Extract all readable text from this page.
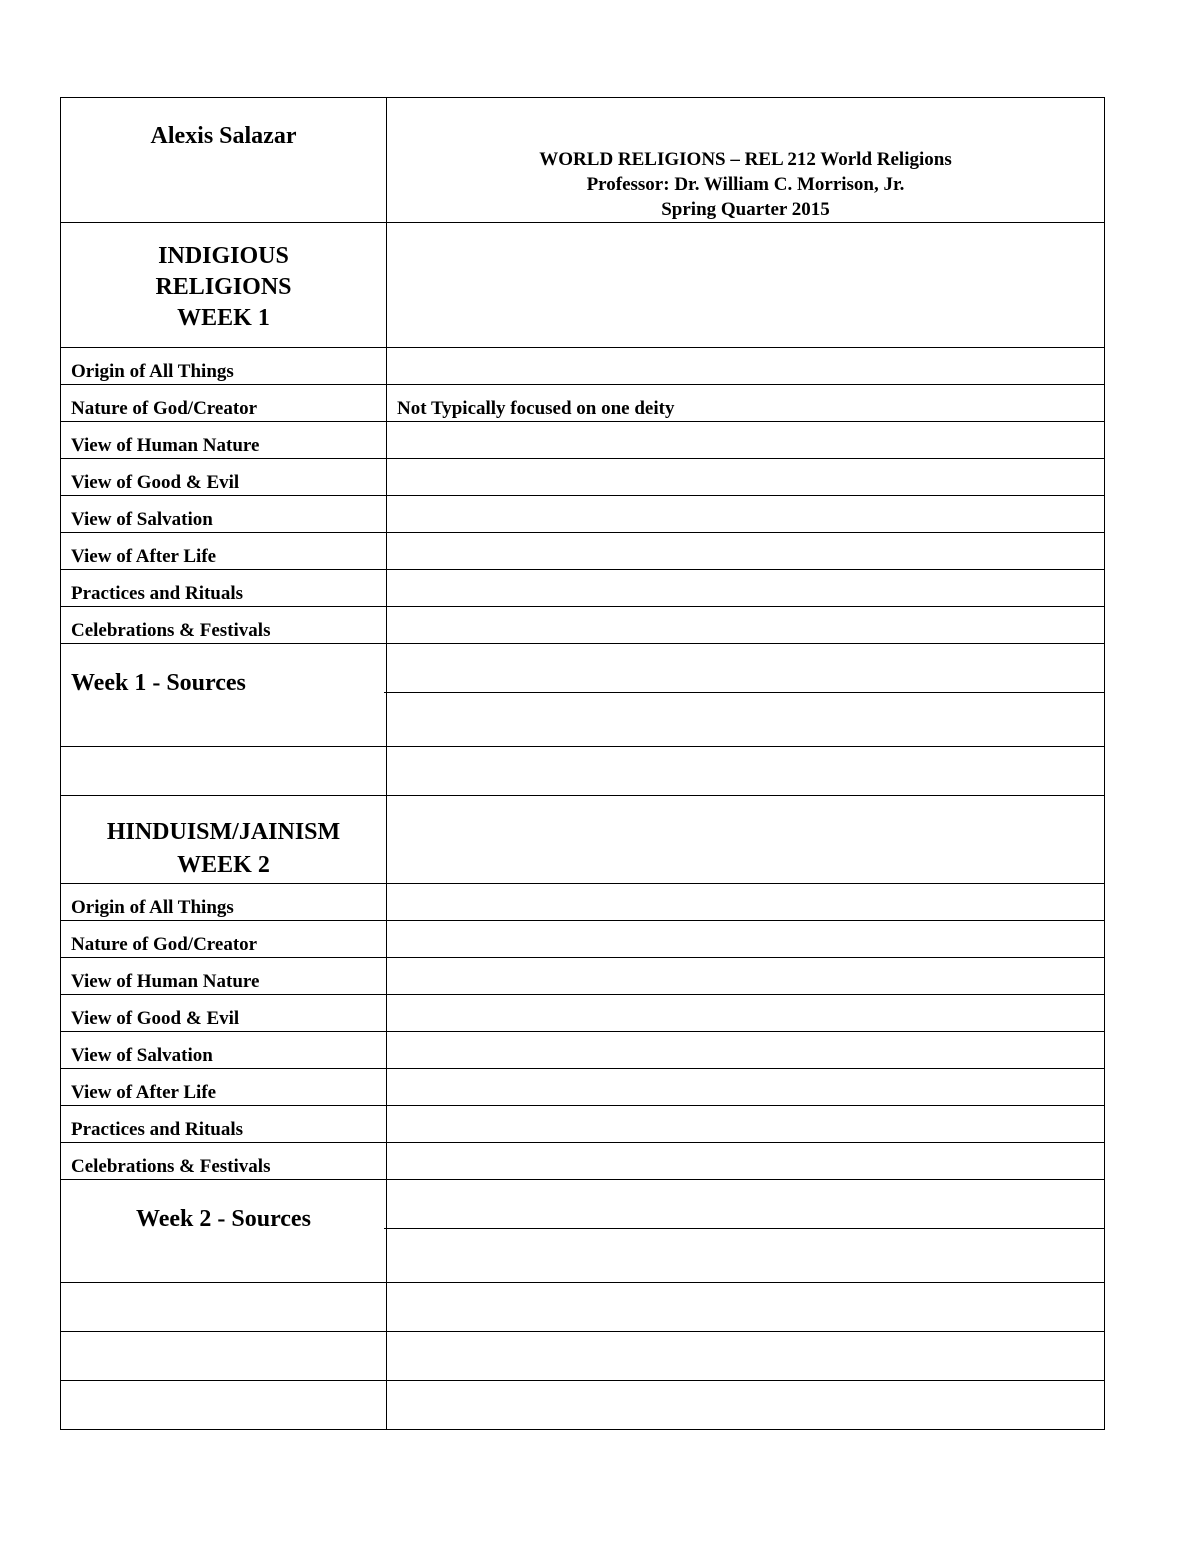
Alexis Salazar	WORLD RELIGIONS – REL 212 World Religions
Professor: Dr. William C. Morrison, Jr.
Spring Quarter 2015

INDIGIOUS
RELIGIONS
WEEK 1	

Origin of All Things	

Nature of God/Creator	Not Typically focused on one deity

View of Human Nature	

View of Good & Evil	

View of Salvation	

View of After Life	

Practices and Rituals	

Celebrations & Festivals	

Week 1 - Sources	

HINDUISM/JAINISM
WEEK 2	

Origin of All Things	

Nature of God/Creator	

View of Human Nature	

View of Good & Evil	

View of Salvation	

View of After Life	

Practices and Rituals	

Celebrations & Festivals	

Week 2 - Sources	
